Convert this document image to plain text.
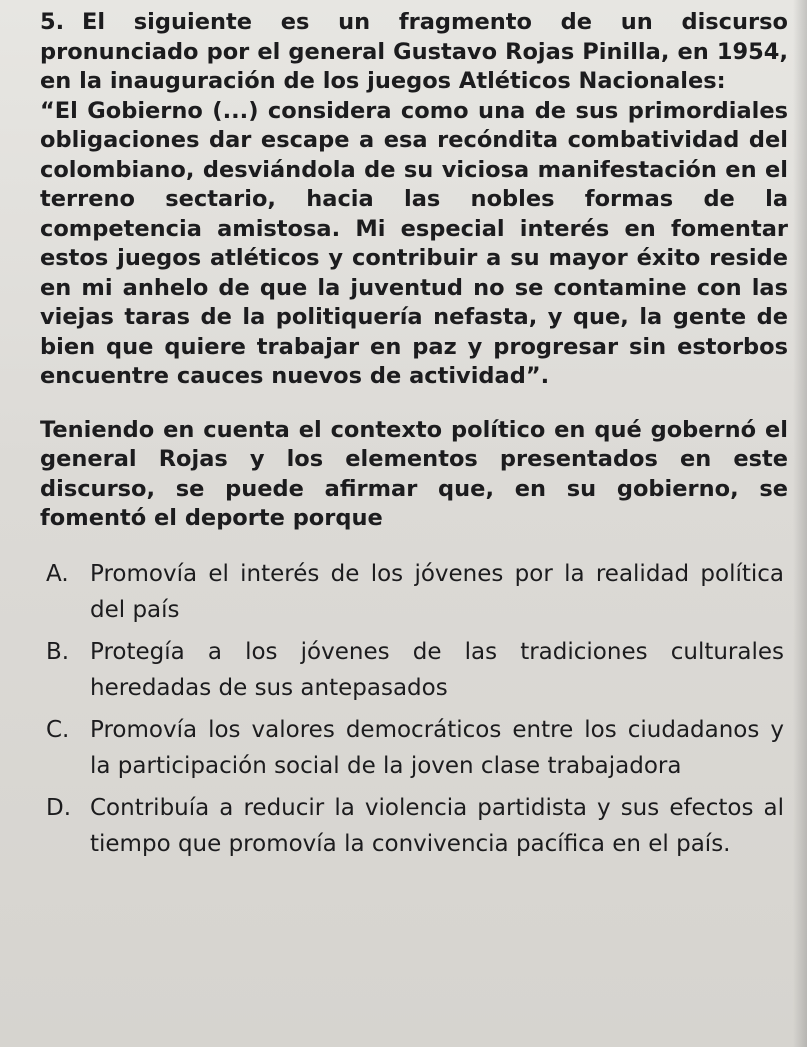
5. El siguiente es un fragmento de un discurso pronunciado por el general Gustavo Rojas Pinilla, en 1954, en la inauguración de los juegos Atléticos Nacionales:
“El Gobierno (...) considera como una de sus primordiales obligaciones dar escape a esa recóndita combatividad del colombiano, desviándola de su viciosa manifestación en el terreno sectario, hacia las nobles formas de la competencia amistosa. Mi especial interés en fomentar estos juegos atléticos y contribuir a su mayor éxito reside en mi anhelo de que la juventud no se contamine con las viejas taras de la politiquería nefasta, y que, la gente de bien que quiere trabajar en paz y progresar sin estorbos encuentre cauces nuevos de actividad”.
Teniendo en cuenta el contexto político en qué gobernó el general Rojas y los elementos presentados en este discurso, se puede afirmar que, en su gobierno, se fomentó el deporte porque
A. Promovía el interés de los jóvenes por la realidad política del país
B. Protegía a los jóvenes de las tradiciones culturales heredadas de sus antepasados
C. Promovía los valores democráticos entre los ciudadanos y la participación social de la joven clase trabajadora
D. Contribuía a reducir la violencia partidista y sus efectos al tiempo que promovía la convivencia pacífica en el país.
